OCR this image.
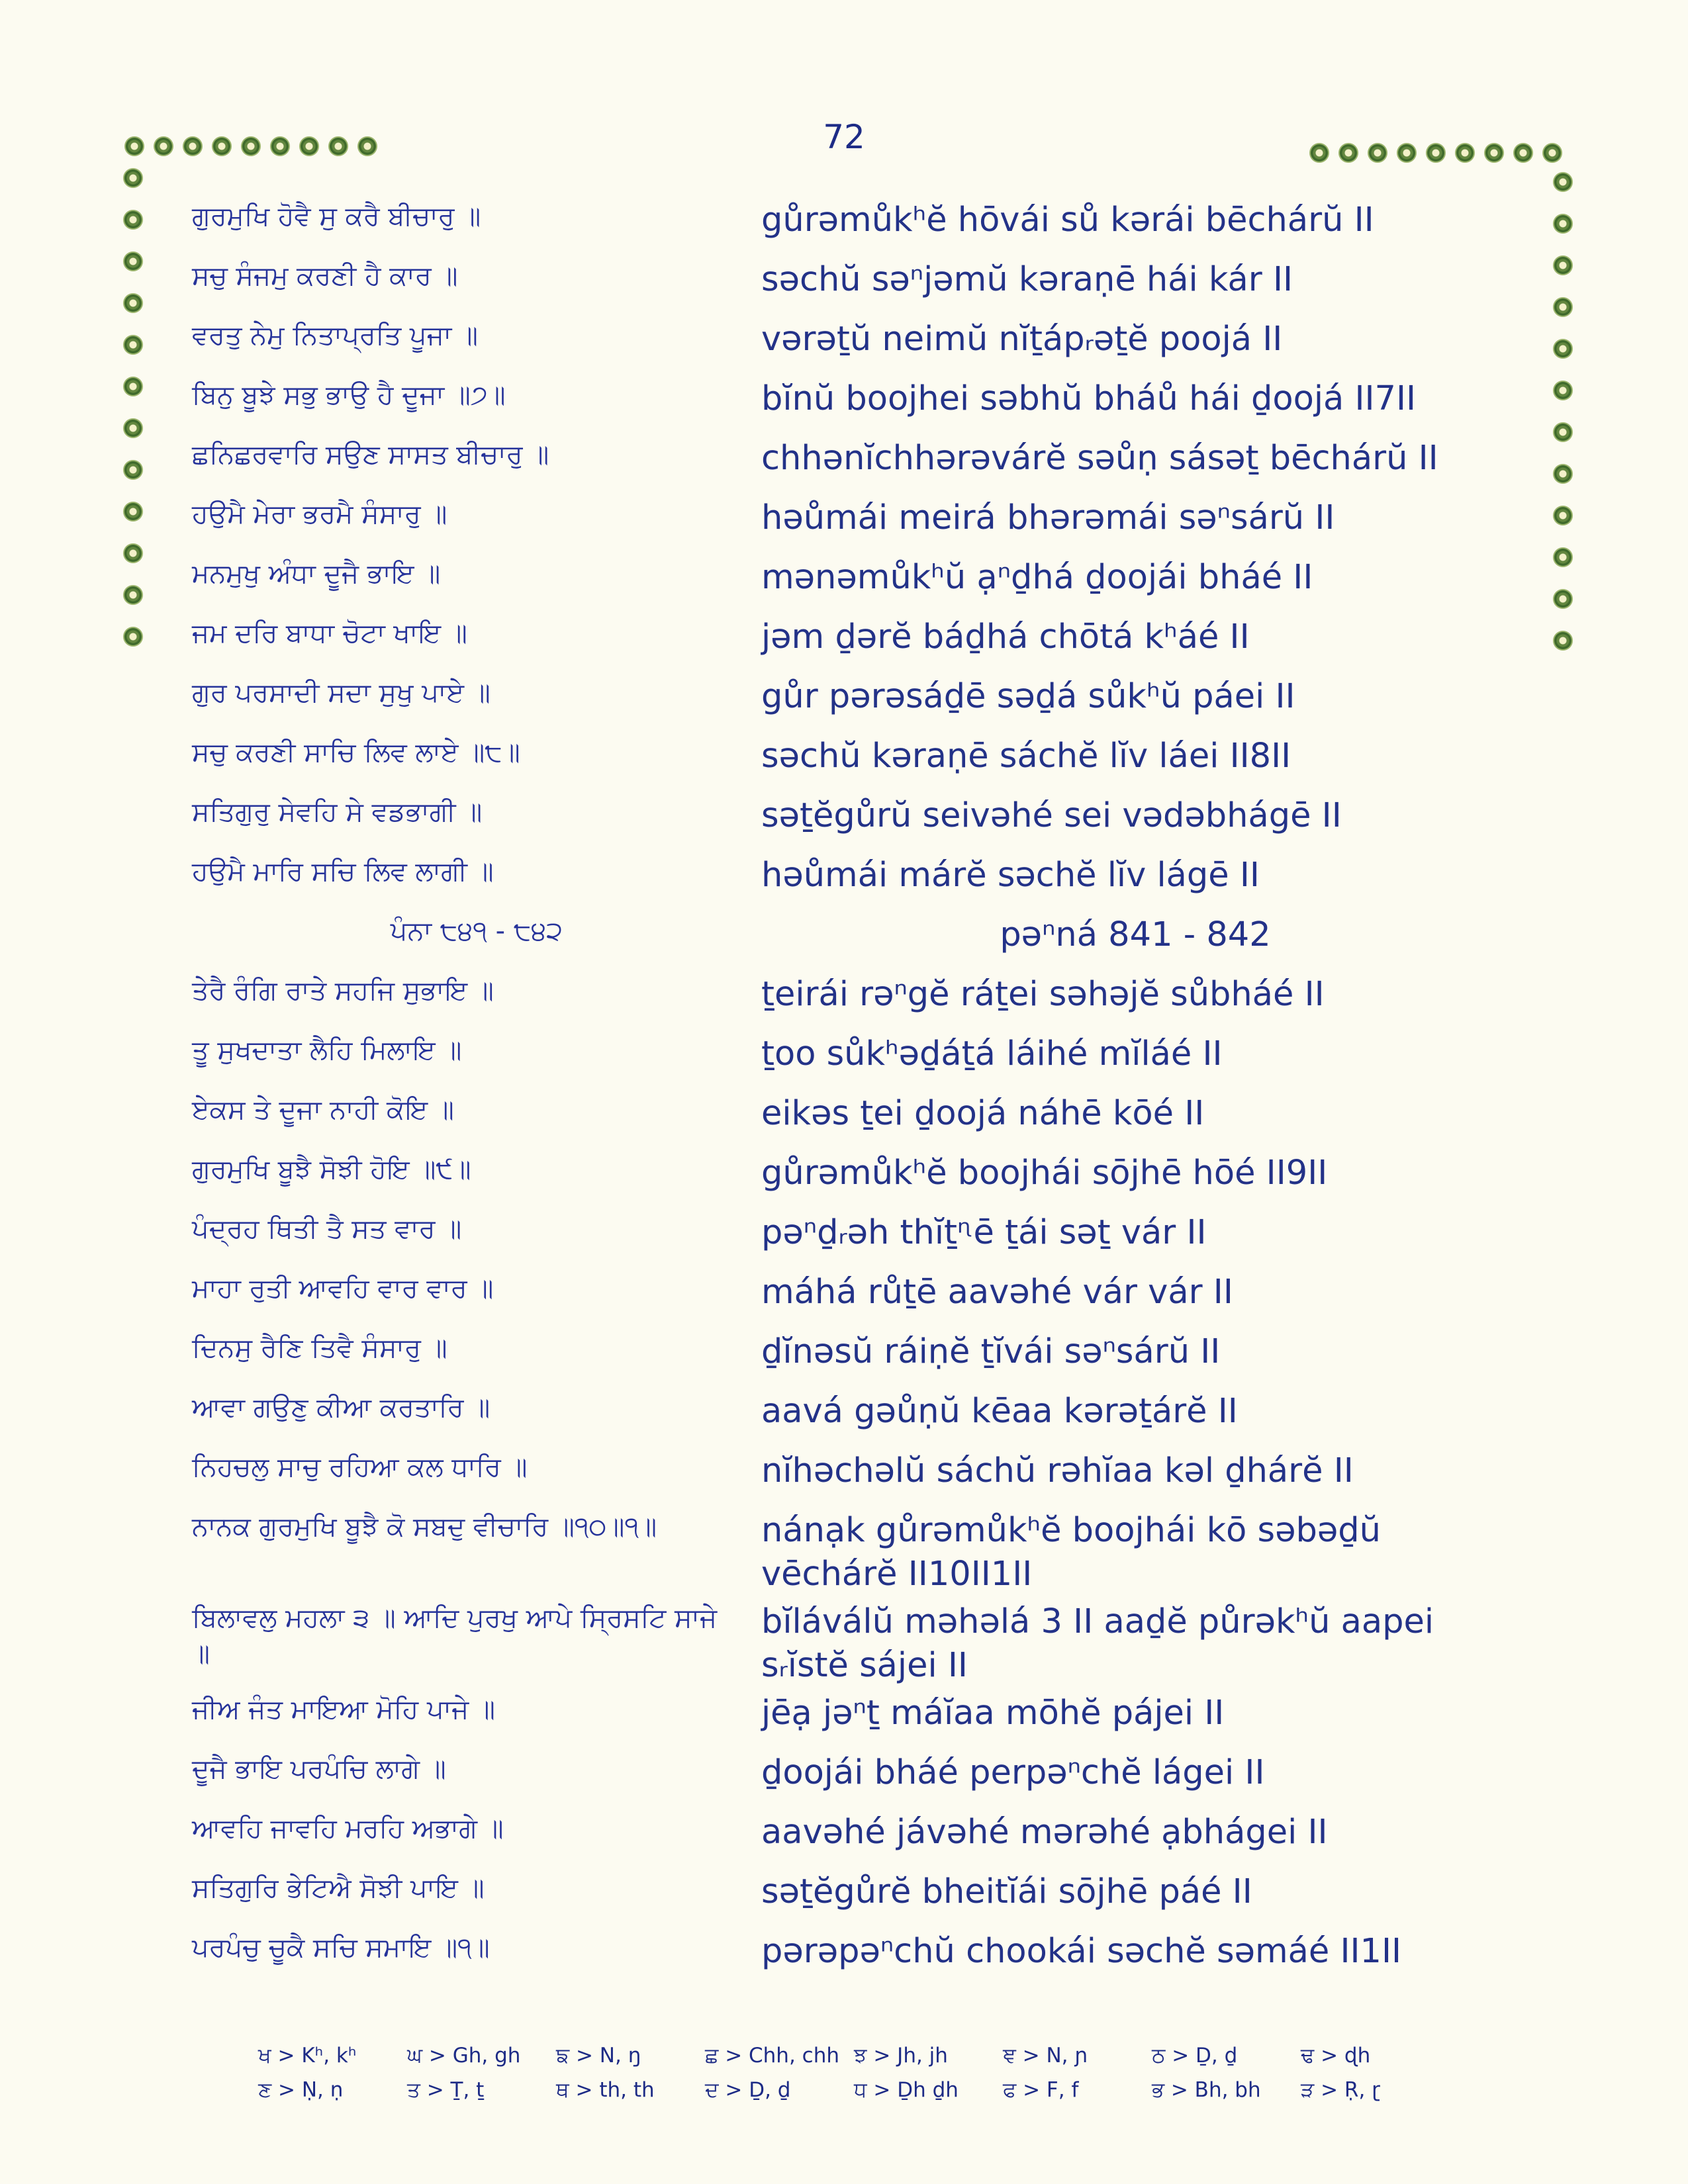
72
ਗੁਰਮੁਖਿ ਹੋਵੈ ਸੁ ਕਰੈ ਬੀਚਾਰੁ ॥	gůrəmůkʰĕ hōvái sů kərái bēchárŭ II
ਸਚੁ ਸੰਜਮੁ ਕਰਣੀ ਹੈ ਕਾਰ ॥	səchŭ səⁿjəmŭ kəraṇē hái kár II
ਵਰਤੁ ਨੇਮੁ ਨਿਤਾਪ੍ਰਤਿ ਪੂਜਾ ॥	vərəṯŭ neimŭ nĭṯápᵣəṯĕ poojá II
ਬਿਨੁ ਬੂਝੇ ਸਭੁ ਭਾਉ ਹੈ ਦੂਜਾ ॥੭॥	bĭnŭ boojhei səbhŭ bháů hái ḏoojá II7II
ਛਨਿਛਰਵਾਰਿ ਸਉਣ ਸਾਸਤ ਬੀਚਾਰੁ ॥	chhənĭchhərəvárĕ səůṇ sásəṯ bēchárŭ II
ਹਉਮੈ ਮੇਰਾ ਭਰਮੈ ਸੰਸਾਰੁ ॥	həůmái meirá bhərəmái səⁿsárŭ II
ਮਨਮੁਖੁ ਅੰਧਾ ਦੂਜੈ ਭਾਇ ॥	mənəmůkʰŭ ạⁿḏhá ḏoojái bháé II
ਜਮ ਦਰਿ ਬਾਧਾ ਚੋਟਾ ਖਾਇ ॥	jəm ḏərĕ báḏhá chōtá kʰáé II
ਗੁਰ ਪਰਸਾਦੀ ਸਦਾ ਸੁਖੁ ਪਾਏ ॥	gůr pərəsáḏē səḏá sůkʰŭ páei II
ਸਚੁ ਕਰਣੀ ਸਾਚਿ ਲਿਵ ਲਾਏ ॥੮॥	səchŭ kəraṇē sáchĕ lĭv láei II8II
ਸਤਿਗੁਰੁ ਸੇਵਹਿ ਸੇ ਵਡਭਾਗੀ ॥	səṯĕgůrŭ seivəhé sei vədəbhágē II
ਹਉਮੈ ਮਾਰਿ ਸਚਿ ਲਿਵ ਲਾਗੀ ॥	həůmái márĕ səchĕ lĭv lágē II
ਪੰਨਾ ੮੪੧ - ੮੪੨	pəⁿná 841 - 842
ਤੇਰੈ ਰੰਗਿ ਰਾਤੇ ਸਹਜਿ ਸੁਭਾਇ ॥	ṯeirái rəⁿgĕ ráṯei səhəjĕ sůbháé II
ਤੂ ਸੁਖਦਾਤਾ ਲੈਹਿ ਮਿਲਾਇ ॥	ṯoo sůkʰəḏáṯá láihé mĭláé II
ਏਕਸ ਤੇ ਦੂਜਾ ਨਾਹੀ ਕੋਇ ॥	eikəs ṯei ḏoojá náhē kōé II
ਗੁਰਮੁਖਿ ਬੂਝੈ ਸੋਝੀ ਹੋਇ ॥੯॥	gůrəmůkʰĕ boojhái sōjhē hōé II9II
ਪੰਦ੍ਰਹ ਥਿਤੀ ਤੈ ਸਤ ਵਾਰ ॥	pəⁿḏᵣəh thĭṯᶯē ṯái səṯ vár II
ਮਾਹਾ ਰੁਤੀ ਆਵਹਿ ਵਾਰ ਵਾਰ ॥	máhá růṯē aavəhé vár vár II
ਦਿਨਸੁ ਰੈਣਿ ਤਿਵੈ ਸੰਸਾਰੁ ॥	ḏĭnəsŭ ráiṇĕ ṯĭvái səⁿsárŭ II
ਆਵਾ ਗਉਣੁ ਕੀਆ ਕਰਤਾਰਿ ॥	aavá gəůṇŭ kēaa kərəṯárĕ II
ਨਿਹਚਲੁ ਸਾਚੁ ਰਹਿਆ ਕਲ ਧਾਰਿ ॥	nĭhəchəlŭ sáchŭ rəhĭaa kəl ḏhárĕ II
ਨਾਨਕ ਗੁਰਮੁਖਿ ਬੂਝੈ ਕੋ ਸਬਦੁ ਵੀਚਾਰਿ ॥੧੦॥੧॥	nánạk gůrəmůkʰĕ boojhái kō səbəḏŭ vēchárĕ II10II1II
ਬਿਲਾਵਲੁ ਮਹਲਾ ੩ ॥ ਆਦਿ ਪੁਰਖੁ ਆਪੇ ਸ੍ਰਿਸਟਿ ਸਾਜੇ ॥
bĭláválŭ məhəlá 3 II aaḏĕ půrəkʰŭ aapei sᵣĭstĕ sájei II
ਜੀਅ ਜੰਤ ਮਾਇਆ ਮੋਹਿ ਪਾਜੇ ॥	jēạ jəⁿṯ máĭaa mōhĕ pájei II
ਦੂਜੈ ਭਾਇ ਪਰਪੰਚਿ ਲਾਗੇ ॥	ḏoojái bháé perpəⁿchĕ lágei II
ਆਵਹਿ ਜਾਵਹਿ ਮਰਹਿ ਅਭਾਗੇ ॥	aavəhé jávəhé mərəhé ạbhágei II
ਸਤਿਗੁਰਿ ਭੇਟਿਐ ਸੋਝੀ ਪਾਇ ॥	səṯĕgůrĕ bheitĭái sōjhē páé II
ਪਰਪੰਚੁ ਚੂਕੈ ਸਚਿ ਸਮਾਇ ॥੧॥	pərəpəⁿchŭ chookái səchĕ səmáé II1II
ਖ > Kʰ, kʰ	ਘ > Gh, gh	ਙ > N, ŋ	ਛ > Chh, chh ਝ > Jh, jh	ਞ > N, ɲ	ਠ > Ḏ, ḏ	ਢ > ɖh
ਣ > Ṇ, ṇ	ਤ > Ṯ, ṯ	ਥ > th, th	ਦ > Ḏ, ḏ	ਧ > Ḏh ḏh	ਫ > F, f	ਭ > Bh, bh	ੜ > Ṛ, ɽ
